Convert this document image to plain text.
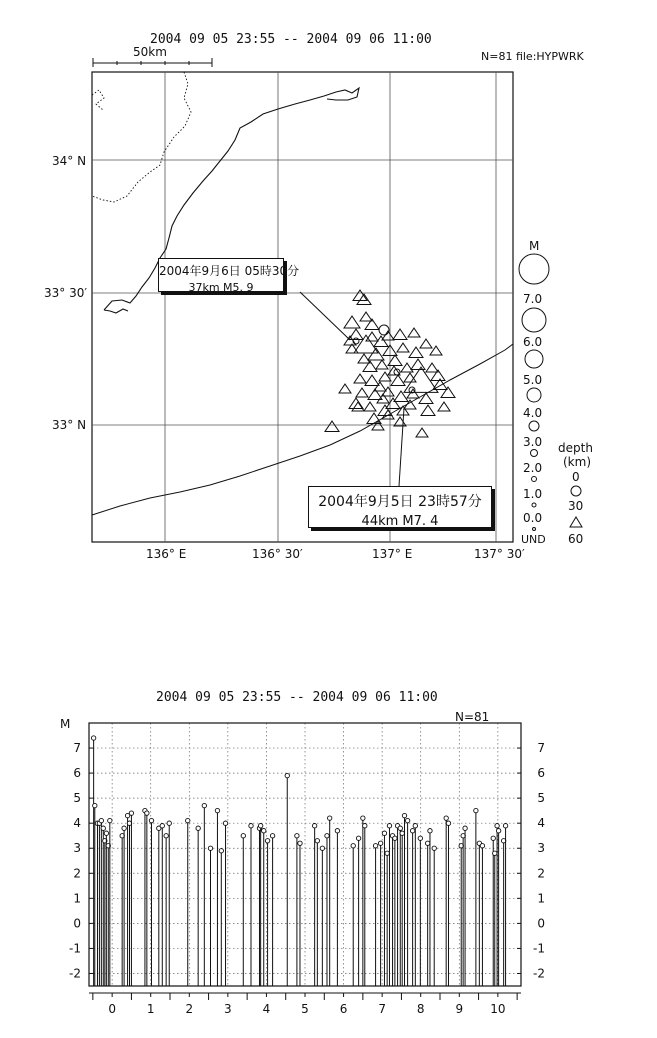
2004 09 05 23:55 -- 2004 09 06 11:00
N=81 file:HYPWRK
50km
2004年9月6日 05時30分
37km M5. 9
2004年9月5日 23時57分
44km M7. 4
34° N
33° 30′
33° N
136° E	136° 30′	137° E	137° 30′
M
7.0
6.0
5.0
4.0
3.0
2.0
1.0
0.0
UND
depth
(km)
0
30
60
2004 09 05 23:55 -- 2004 09 06 11:00
N=81
M
-2	-2
-1	-1
0	0
1	1
2	2
3	3
4	4
5	5
6	6
7	7
0	1	2	3	4	5	6	7	8	9 10
